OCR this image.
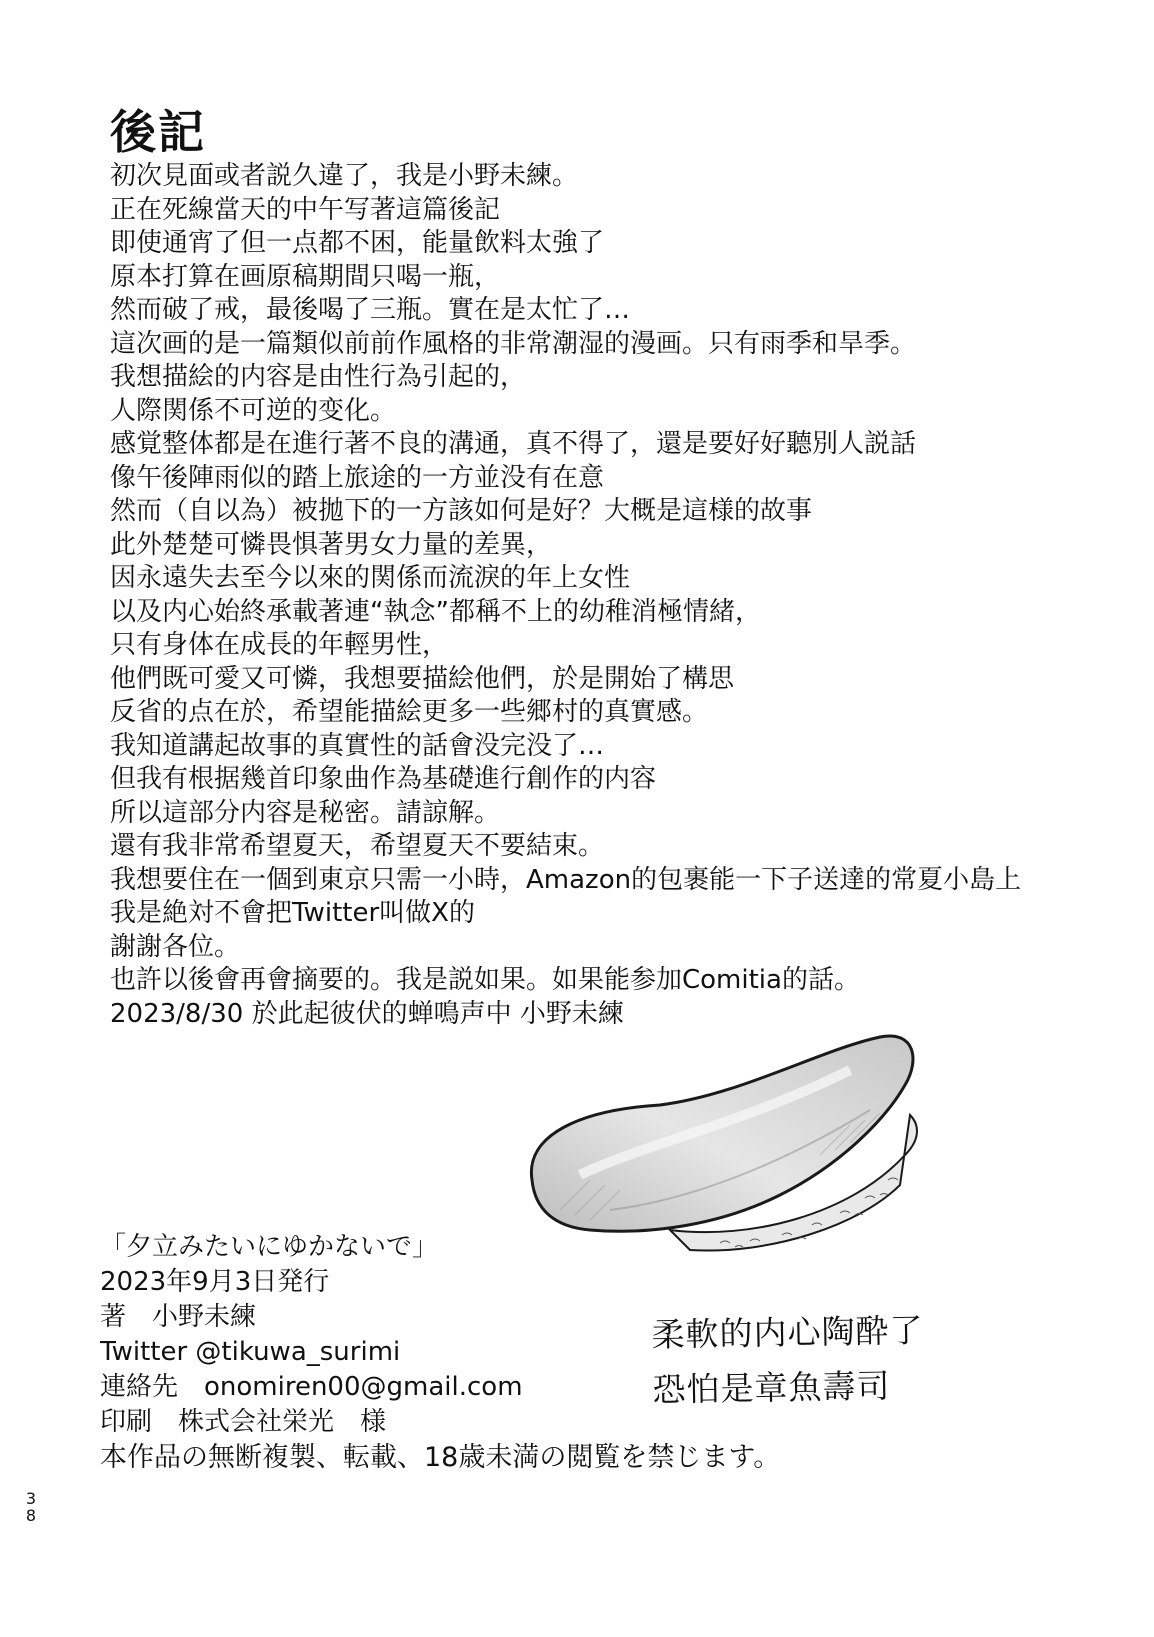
後記
初次見面或者説久違了，我是小野未練。
正在死線當天的中午写著這篇後記
即使通宵了但一点都不困，能量飲料太強了
原本打算在画原稿期間只喝一瓶，
然而破了戒，最後喝了三瓶。實在是太忙了…
這次画的是一篇類似前前作風格的非常潮湿的漫画。只有雨季和旱季。
我想描絵的内容是由性行為引起的，
人際関係不可逆的变化。
感覚整体都是在進行著不良的溝通，真不得了，還是要好好聽別人説話
像午後陣雨似的踏上旅途的一方並没有在意
然而（自以為）被拋下的一方該如何是好？大概是這様的故事
此外楚楚可憐畏惧著男女力量的差異，
因永遠失去至今以來的関係而流淚的年上女性
以及内心始終承載著連“執念”都稱不上的幼稚消極情緒，
只有身体在成長的年輕男性，
他們既可愛又可憐，我想要描絵他們，於是開始了構思
反省的点在於，希望能描絵更多一些郷村的真實感。
我知道講起故事的真實性的話會没完没了…
但我有根据幾首印象曲作為基礎進行創作的内容
所以這部分内容是秘密。請諒解。
還有我非常希望夏天，希望夏天不要結束。
我想要住在一個到東京只需一小時，Amazon的包裹能一下子送達的常夏小島上
我是絶対不會把Twitter叫做X的
謝謝各位。
也許以後會再會摘要的。我是説如果。如果能参加Comitia的話。
2023/8/30 於此起彼伏的蝉鳴声中 小野未練
柔軟的内心陶酔了
恐怕是章魚壽司
「夕立みたいにゆかないで」
2023年9月3日発行
著　小野未練
Twitter @tikuwa_surimi
連絡先　onomiren00@gmail.com
印刷　株式会社栄光　様
本作品の無断複製、転載、18歳未満の閲覧を禁じます。
38
